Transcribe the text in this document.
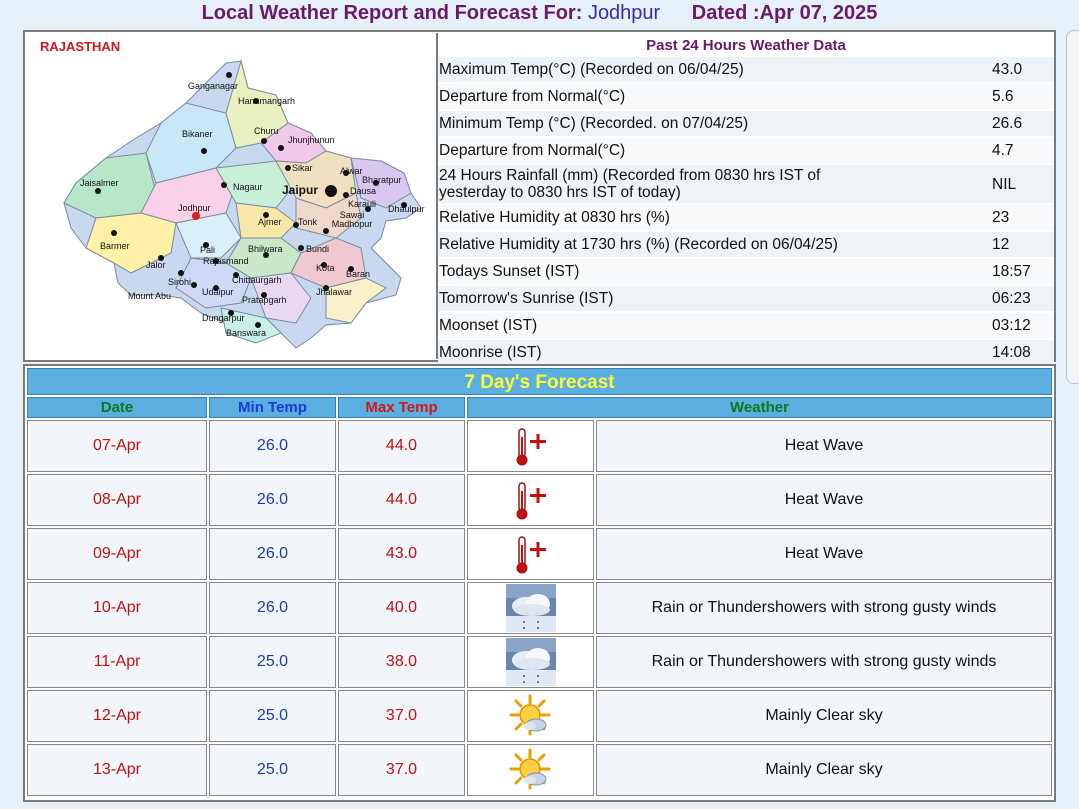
Local Weather Report and Forecast For: Jodhpur Dated :Apr 07, 2025
RAJASTHAN
Ganganagar
Hanumangarh
Bikaner	Churu
Jhunjhunun
Sikar	Alwar
Bharatpur
Jaisalmer	Nagaur Jaipur	Dausa
Karauli Dhaulpur
Jodhpur
Ajmer Tonk
Sawai Madhopur
Barmer	Pali	Bhilwara	Bundi
Jalor	Rajasmand
Kota
Baran
Sirohi	Chittaurgarh
Mount Abu	Udaipur	Jhalawar
Pratapgarh
Dungarpur
Banswara
Past 24 Hours Weather Data
Maximum Temp(°C) (Recorded on 06/04/25)	43.0
Departure from Normal(°C)	5.6
Minimum Temp (°C) (Recorded. on 07/04/25)	26.6
Departure from Normal(°C)	4.7
24 Hours Rainfall (mm) (Recorded from 0830 hrs IST of yesterday to 0830 hrs IST of today)	NIL
Relative Humidity at 0830 hrs (%)	23
Relative Humidity at 1730 hrs (%) (Recorded on 06/04/25)	12
Todays Sunset (IST)	18:57
Tomorrow's Sunrise (IST)	06:23
Moonset (IST)	03:12
Moonrise (IST)	14:08
7 Day's Forecast
Date	Min Temp	Max Temp	Weather
07-Apr	26.0	44.0	Heat Wave
08-Apr	26.0	44.0	Heat Wave
09-Apr	26.0	43.0	Heat Wave
10-Apr	26.0	40.0	Rain or Thundershowers with strong gusty winds
11-Apr	25.0	38.0	Rain or Thundershowers with strong gusty winds
12-Apr	25.0	37.0	Mainly Clear sky
13-Apr	25.0	37.0	Mainly Clear sky
